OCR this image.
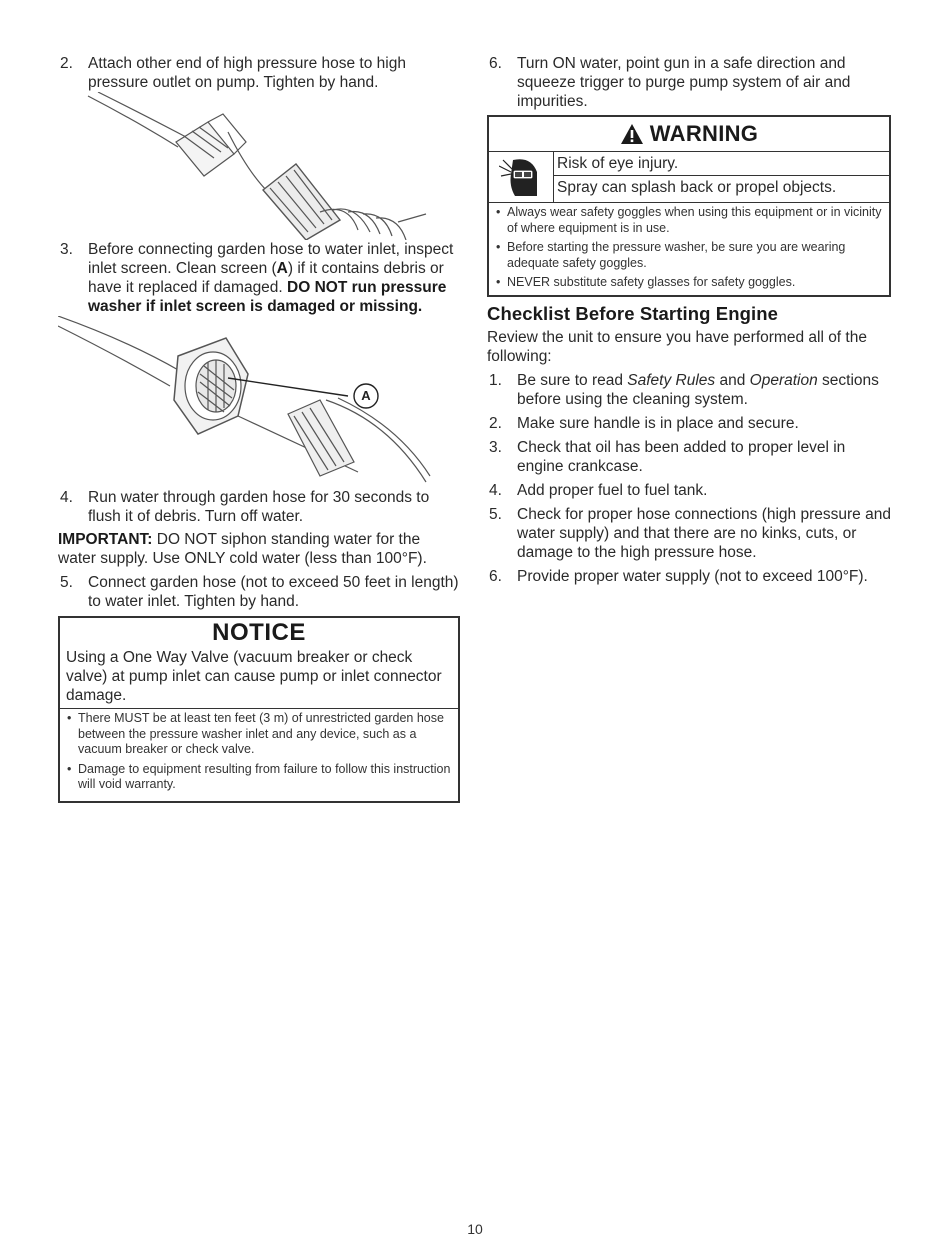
2. Attach other end of high pressure hose to high pressure outlet on pump. Tighten by hand.

3. Before connecting garden hose to water inlet, inspect inlet screen. Clean screen (A) if it contains debris or have it replaced if damaged. DO NOT run pressure washer if inlet screen is damaged or missing.

A

4. Run water through garden hose for 30 seconds to flush it of debris. Turn off water.

IMPORTANT: DO NOT siphon standing water for the water supply. Use ONLY cold water (less than 100°F).

5. Connect garden hose (not to exceed 50 feet in length) to water inlet. Tighten by hand.

NOTICE
Using a One Way Valve (vacuum breaker or check valve) at pump inlet can cause pump or inlet connector damage.
• There MUST be at least ten feet (3 m) of unrestricted garden hose between the pressure washer inlet and any device, such as a vacuum breaker or check valve.
• Damage to equipment resulting from failure to follow this instruction will void warranty.

6. Turn ON water, point gun in a safe direction and squeeze trigger to purge pump system of air and impurities.

WARNING
Risk of eye injury.
Spray can splash back or propel objects.
• Always wear safety goggles when using this equipment or in vicinity of where equipment is in use.
• Before starting the pressure washer, be sure you are wearing adequate safety goggles.
• NEVER substitute safety glasses for safety goggles.
Checklist Before Starting Engine

Review the unit to ensure you have performed all of the following:

1. Be sure to read Safety Rules and Operation sections before using the cleaning system.

2. Make sure handle is in place and secure.

3. Check that oil has been added to proper level in engine crankcase.

4. Add proper fuel to fuel tank.

5. Check for proper hose connections (high pressure and water supply) and that there are no kinks, cuts, or damage to the high pressure hose.

6. Provide proper water supply (not to exceed 100°F).

10
